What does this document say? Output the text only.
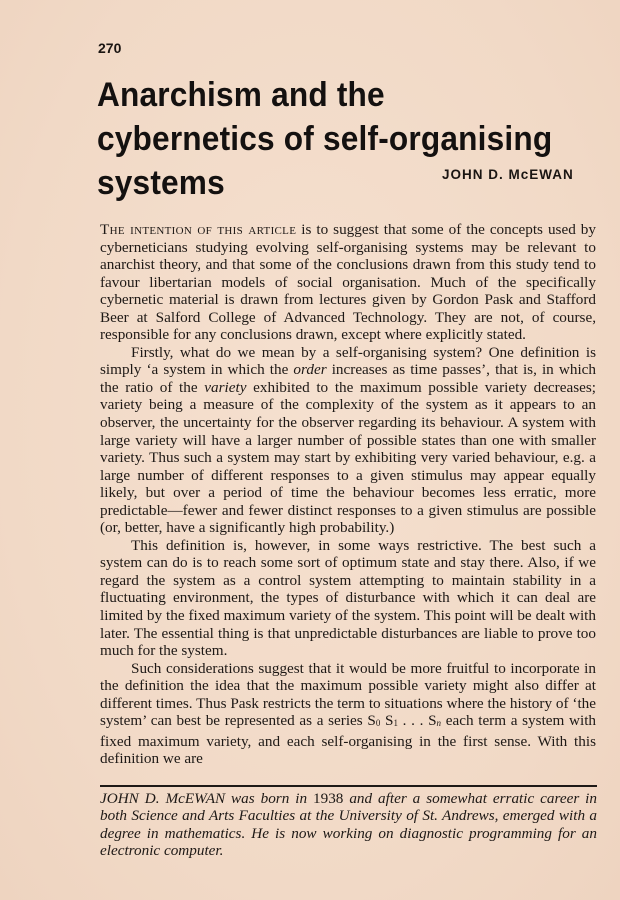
270
Anarchism and the
cybernetics of self-organising
systems	JOHN D. McEWAN

The intention of this article is to suggest that some of the concepts used by cyberneticians studying evolving self-organising systems may be relevant to anarchist theory, and that some of the conclusions drawn from this study tend to favour libertarian models of social organisation. Much of the specifically cybernetic material is drawn from lectures given by Gordon Pask and Stafford Beer at Salford College of Advanced Technology. They are not, of course, responsible for any conclusions drawn, except where explicitly stated.

Firstly, what do we mean by a self-organising system? One definition is simply ‘a system in which the order increases as time passes’, that is, in which the ratio of the variety exhibited to the maximum possible variety decreases; variety being a measure of the complexity of the system as it appears to an observer, the uncertainty for the observer regarding its behaviour. A system with large variety will have a larger number of possible states than one with smaller variety. Thus such a system may start by exhibiting very varied behaviour, e.g. a large number of different responses to a given stimulus may appear equally likely, but over a period of time the behaviour becomes less erratic, more predictable—fewer and fewer distinct responses to a given stimulus are possible (or, better, have a significantly high probability.)

This definition is, however, in some ways restrictive. The best such a system can do is to reach some sort of optimum state and stay there. Also, if we regard the system as a control system attempting to maintain stability in a fluctuating environment, the types of disturbance with which it can deal are limited by the fixed maximum variety of the system. This point will be dealt with later. The essential thing is that unpredictable disturbances are liable to prove too much for the system.

Such considerations suggest that it would be more fruitful to incorporate in the definition the idea that the maximum possible variety might also differ at different times. Thus Pask restricts the term to situations where the history of ‘the system’ can best be represented as a series $S_0$ $S_1$ . . . $S_n$ each term a system with fixed maximum variety, and each self-organising in the first sense. With this definition we are

JOHN D. McEWAN was born in 1938 and after a somewhat erratic career in both Science and Arts Faculties at the University of St. Andrews, emerged with a degree in mathematics. He is now working on diagnostic programming for an electronic computer.
